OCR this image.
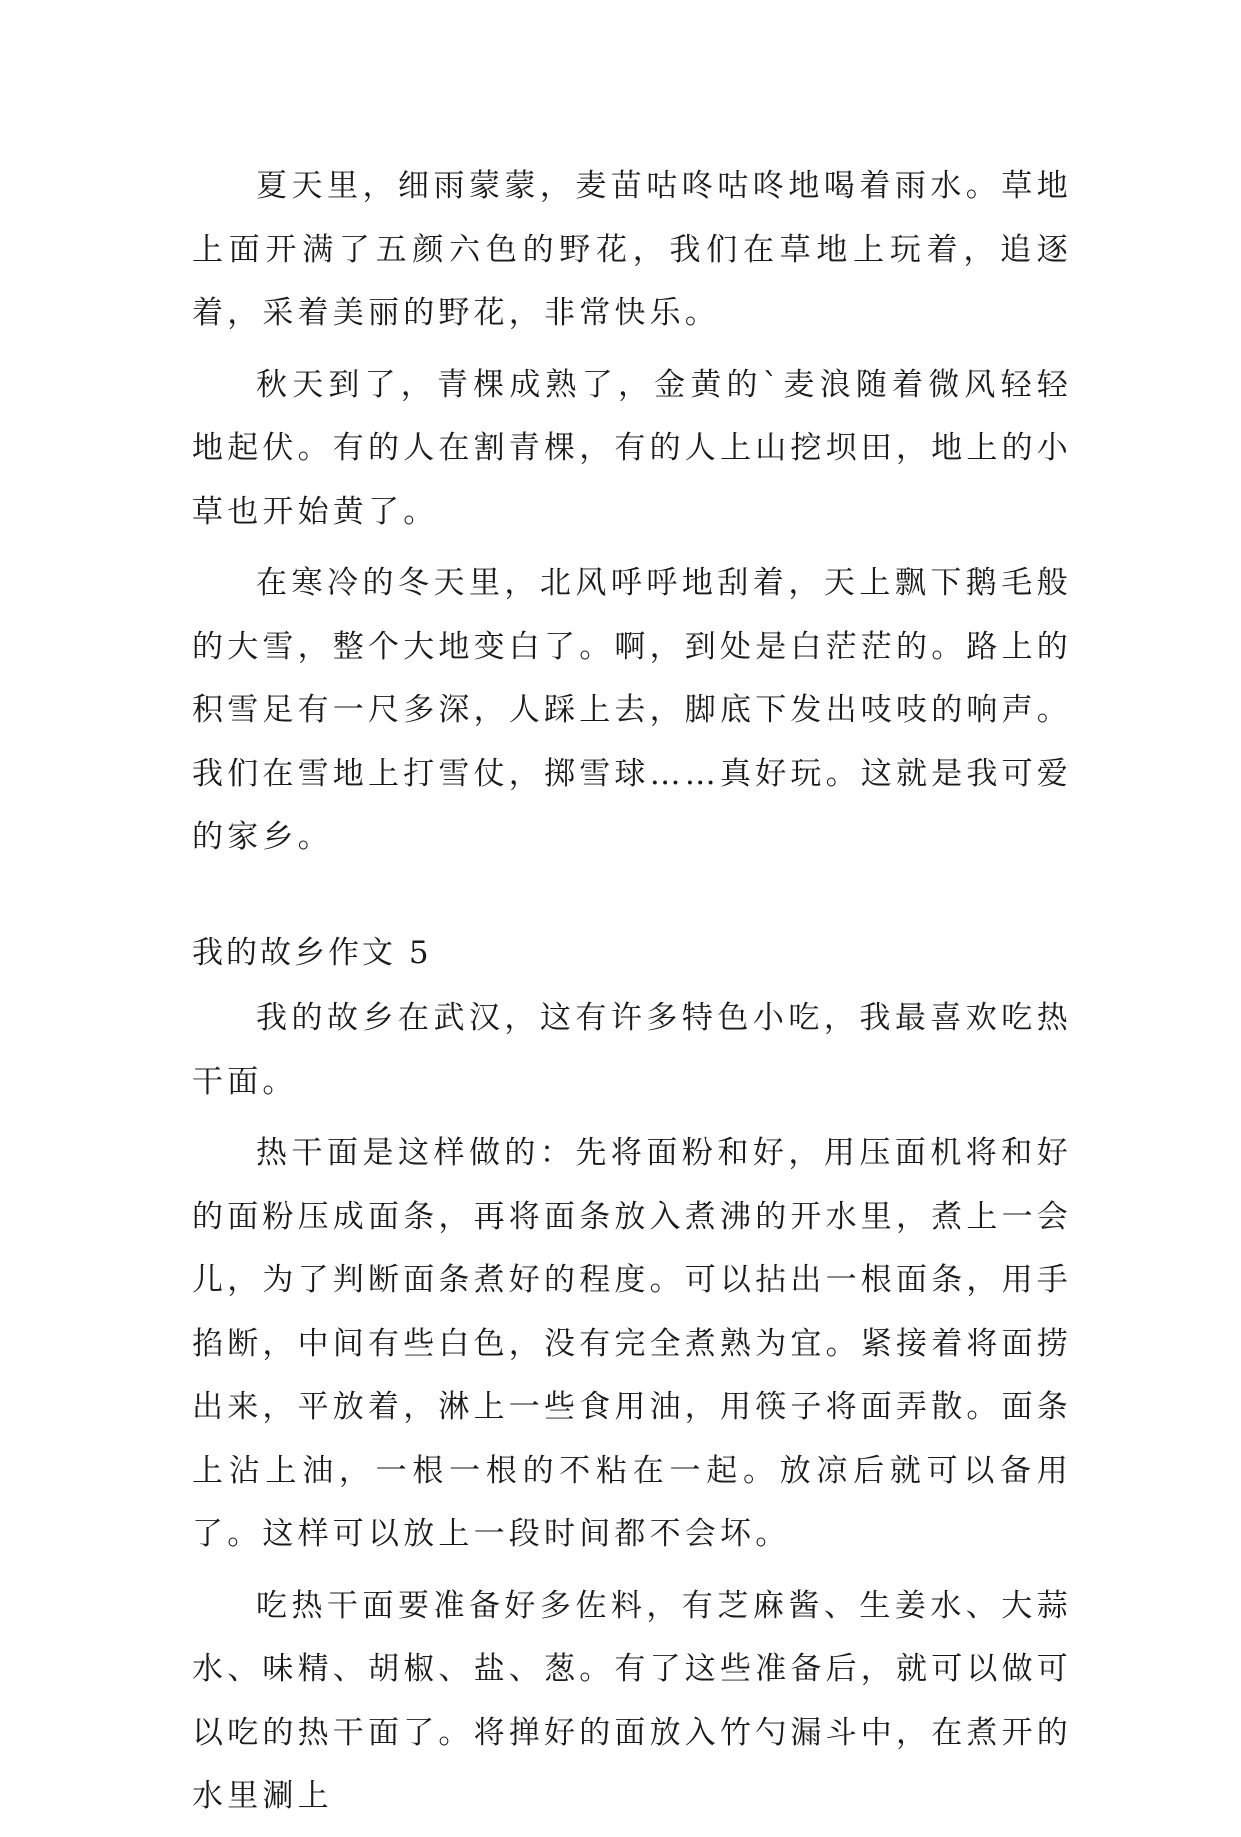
夏天里，细雨蒙蒙，麦苗咕咚咕咚地喝着雨水。草地上面开满了五颜六色的野花，我们在草地上玩着，追逐着，采着美丽的野花，非常快乐。

秋天到了，青棵成熟了，金黄的`麦浪随着微风轻轻地起伏。有的人在割青棵，有的人上山挖坝田，地上的小草也开始黄了。

在寒冷的冬天里，北风呼呼地刮着，天上飘下鹅毛般的大雪，整个大地变白了。啊，到处是白茫茫的。路上的积雪足有一尺多深，人踩上去，脚底下发出吱吱的响声。我们在雪地上打雪仗，掷雪球……真好玩。这就是我可爱的家乡。

我的故乡作文 5

我的故乡在武汉，这有许多特色小吃，我最喜欢吃热干面。

热干面是这样做的：先将面粉和好，用压面机将和好的面粉压成面条，再将面条放入煮沸的开水里，煮上一会儿，为了判断面条煮好的程度。可以拈出一根面条，用手掐断，中间有些白色，没有完全煮熟为宜。紧接着将面捞出来，平放着，淋上一些食用油，用筷子将面弄散。面条上沾上油，一根一根的不粘在一起。放凉后就可以备用了。这样可以放上一段时间都不会坏。

吃热干面要准备好多佐料，有芝麻酱、生姜水、大蒜水、味精、胡椒、盐、葱。有了这些准备后，就可以做可以吃的热干面了。将掸好的面放入竹勺漏斗中，在煮开的水里涮上
